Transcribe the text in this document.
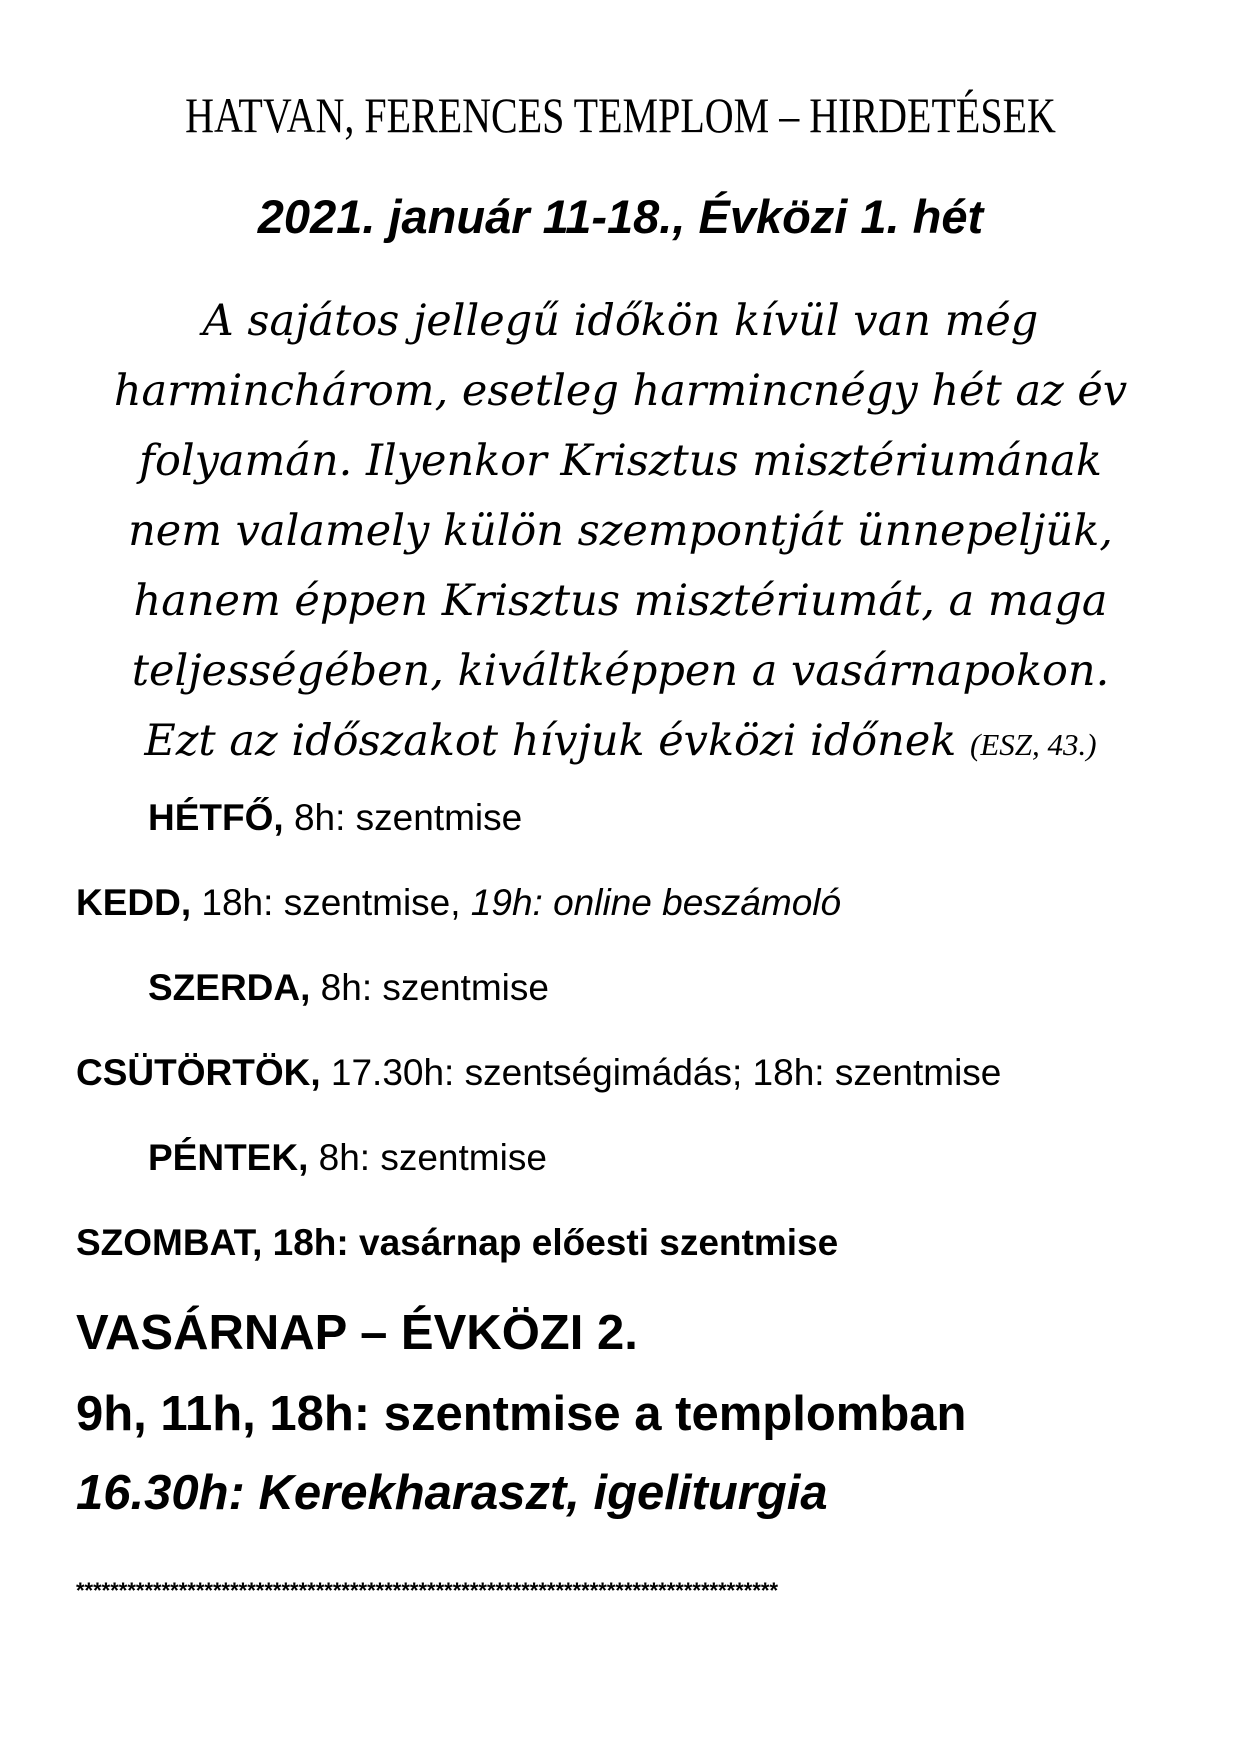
HATVAN, FERENCES TEMPLOM – HIRDETÉSEK
2021. január 11-18., Évközi 1. hét

A sajátos jellegű időkön kívül van még
harminchárom, esetleg harmincnégy hét az év
folyamán. Ilyenkor Krisztus misztériumának
nem valamely külön szempontját ünnepeljük,
hanem éppen Krisztus misztériumát, a maga
teljességében, kiváltképpen a vasárnapokon.
Ezt az időszakot hívjuk évközi időnek (ESZ, 43.)

HÉTFŐ, 8h: szentmise
KEDD, 18h: szentmise, 19h: online beszámoló
SZERDA, 8h: szentmise
CSÜTÖRTÖK, 17.30h: szentségimádás; 18h: szentmise
PÉNTEK, 8h: szentmise
SZOMBAT, 18h: vasárnap előesti szentmise
VASÁRNAP – ÉVKÖZI 2.
9h, 11h, 18h: szentmise a templomban
16.30h: Kerekharaszt, igeliturgia
**********************************************************************************
